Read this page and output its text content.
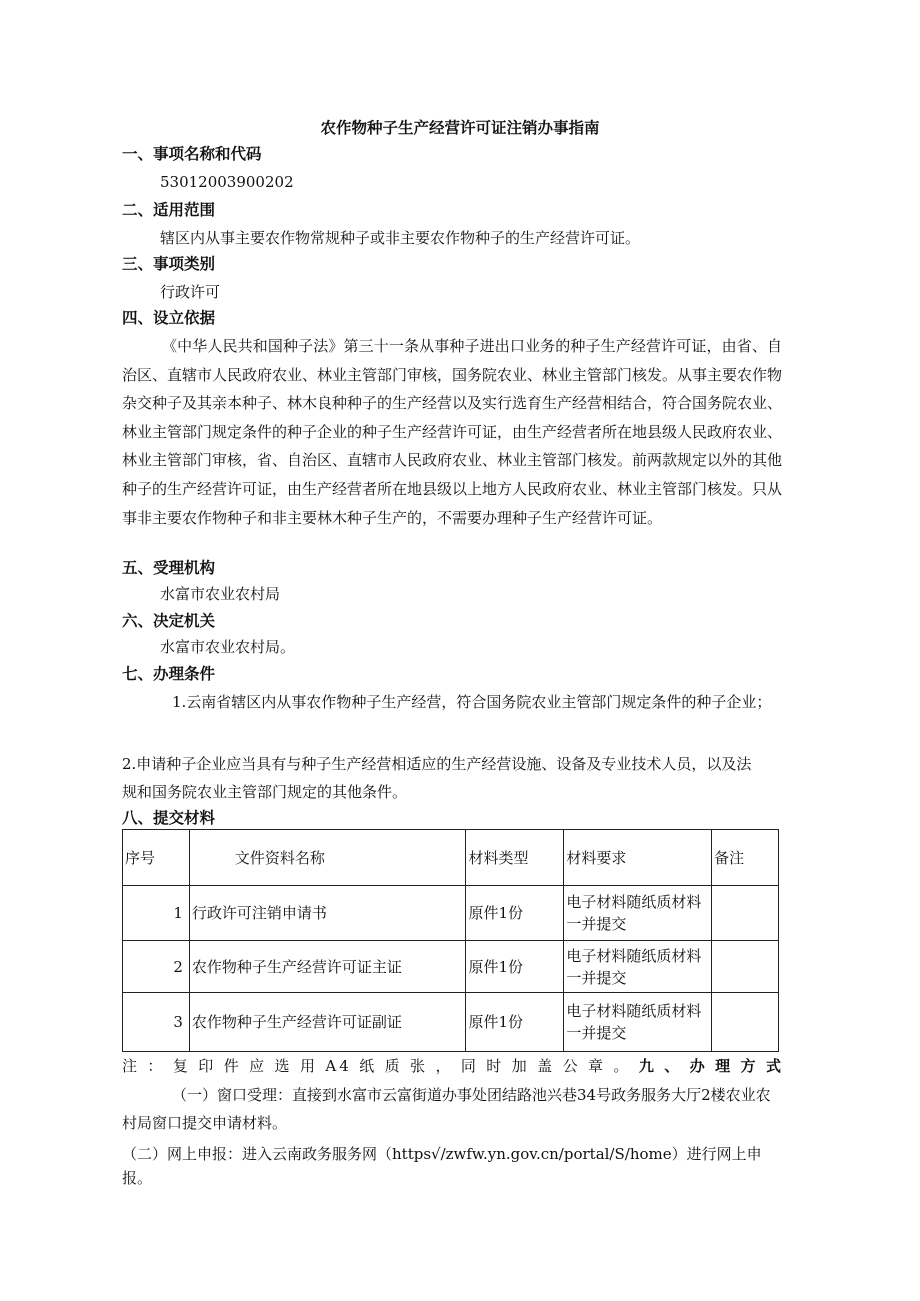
农作物种子生产经营许可证注销办事指南
一、事项名称和代码
53012003900202
二、适用范围
辖区内从事主要农作物常规种子或非主要农作物种子的生产经营许可证。
三、事项类别
行政许可
四、设立依据

《中华人民共和国种子法》第三十一条从事种子进出口业务的种子生产经营许可证，由省、自治区、直辖市人民政府农业、林业主管部门审核，国务院农业、林业主管部门核发。从事主要农作物杂交种子及其亲本种子、林木良种种子的生产经营以及实行选育生产经营相结合，符合国务院农业、林业主管部门规定条件的种子企业的种子生产经营许可证，由生产经营者所在地县级人民政府农业、林业主管部门审核，省、自治区、直辖市人民政府农业、林业主管部门核发。前两款规定以外的其他种子的生产经营许可证，由生产经营者所在地县级以上地方人民政府农业、林业主管部门核发。只从事非主要农作物种子和非主要林木种子生产的，不需要办理种子生产经营许可证。

五、受理机构
水富市农业农村局
六、决定机关
水富市农业农村局。
七、办理条件

1.云南省辖区内从事农作物种子生产经营，符合国务院农业主管部门规定条件的种子企业；

2.申请种子企业应当具有与种子生产经营相适应的生产经营设施、设备及专业技术人员，以及法规和国务院农业主管部门规定的其他条件。

八、提交材料
序号	文件资料名称	材料类型	材料要求	备注
1	行政许可注销申请书	原件1份	电子材料随纸质材料一并提交	
2	农作物种子生产经营许可证主证	原件1份	电子材料随纸质材料一并提交	
3	农作物种子生产经营许可证副证	原件1份	电子材料随纸质材料一并提交	

注：复印件应选用A4纸质张，同时加盖公章。九、办理方式

（一）窗口受理：直接到水富市云富街道办事处团结路池兴巷34号政务服务大厅2楼农业农村局窗口提交申请材料。

（二）网上申报：进入云南政务服务网（https√/zwfw.yn.gov.cn/portal/S/home）进行网上申报。
